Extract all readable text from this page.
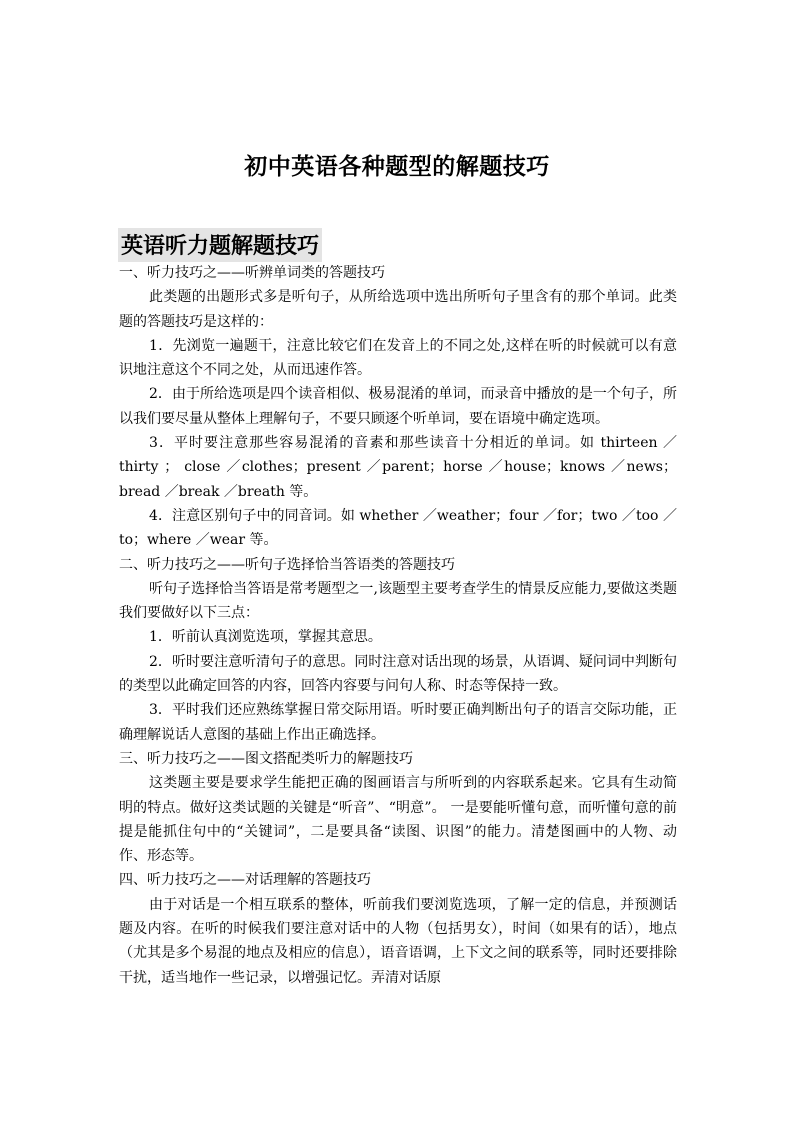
初中英语各种题型的解题技巧
英语听力题解题技巧

一、听力技巧之——听辨单词类的答题技巧

此类题的出题形式多是听句子，从所给选项中选出所听句子里含有的那个单词。此类题的答题技巧是这样的：

1．先浏览一遍题干，注意比较它们在发音上的不同之处,这样在听的时候就可以有意识地注意这个不同之处，从而迅速作答。

2．由于所给选项是四个读音相似、极易混淆的单词，而录音中播放的是一个句子，所以我们要尽量从整体上理解句子，不要只顾逐个听单词，要在语境中确定选项。

3．平时要注意那些容易混淆的音素和那些读音十分相近的单词。如 thirteen ／thirty ； close ／clothes；present ／parent；horse ／house；knows ／news；bread ／break ／breath 等。

4．注意区别句子中的同音词。如 whether ／weather；four ／for；two ／too ／to；where ／wear 等。

二、听力技巧之——听句子选择恰当答语类的答题技巧

听句子选择恰当答语是常考题型之一,该题型主要考查学生的情景反应能力,要做这类题我们要做好以下三点：

1．听前认真浏览选项，掌握其意思。

2．听时要注意听清句子的意思。同时注意对话出现的场景，从语调、疑问词中判断句的类型以此确定回答的内容，回答内容要与问句人称、时态等保持一致。

3．平时我们还应熟练掌握日常交际用语。听时要正确判断出句子的语言交际功能，正确理解说话人意图的基础上作出正确选择。

三、听力技巧之——图文搭配类听力的解题技巧

这类题主要是要求学生能把正确的图画语言与所听到的内容联系起来。它具有生动简明的特点。做好这类试题的关键是“听音”、“明意”。 一是要能听懂句意，而听懂句意的前提是能抓住句中的“关键词”，二是要具备“读图、识图”的能力。清楚图画中的人物、动作、形态等。

四、听力技巧之——对话理解的答题技巧

由于对话是一个相互联系的整体，听前我们要浏览选项，了解一定的信息，并预测话题及内容。在听的时候我们要注意对话中的人物（包括男女），时间（如果有的话），地点（尤其是多个易混的地点及相应的信息），语音语调，上下文之间的联系等，同时还要排除干扰，适当地作一些记录，以增强记忆。弄清对话原
